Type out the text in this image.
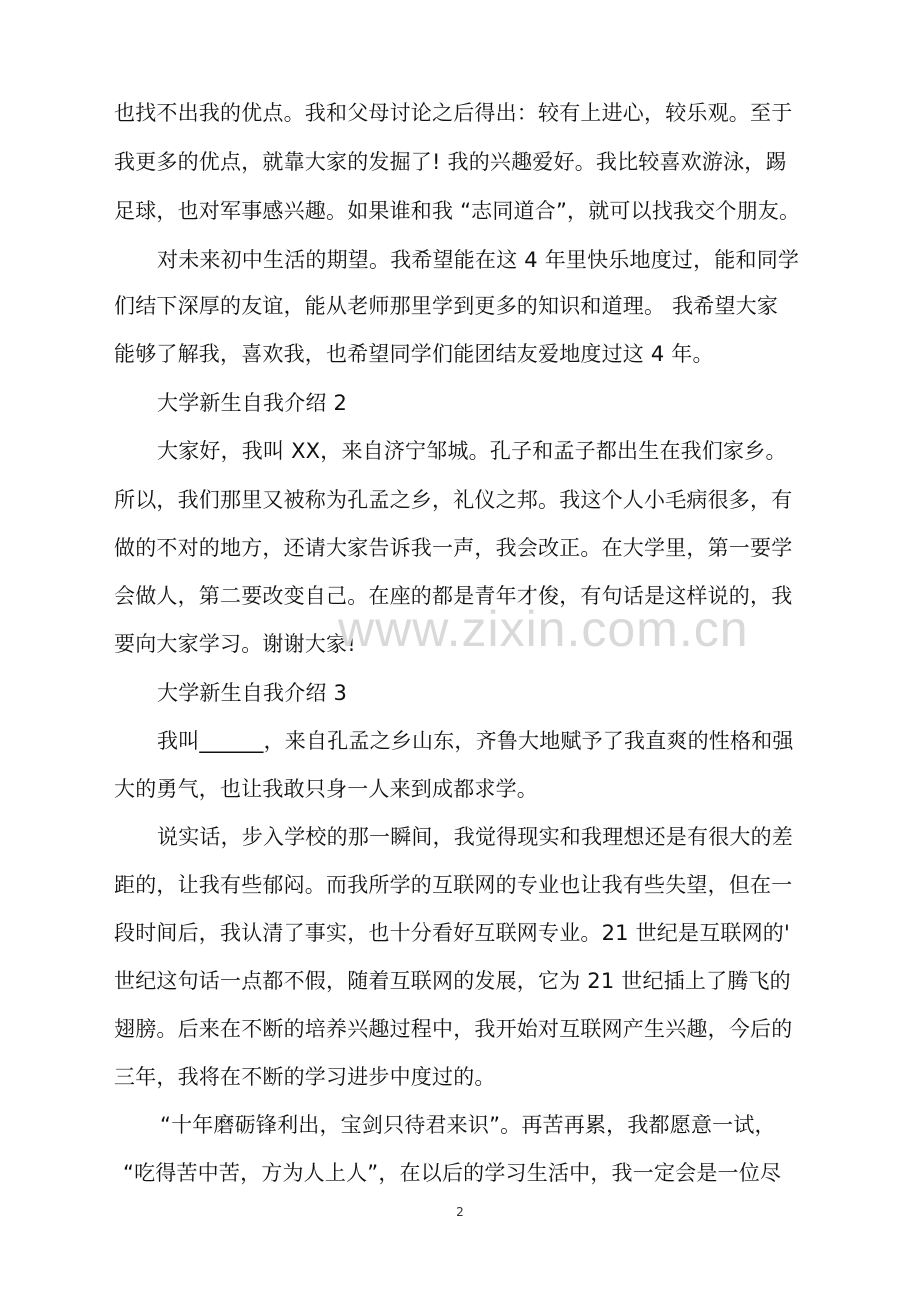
也找不出我的优点。我和父母讨论之后得出：较有上进心，较乐观。至于
我更多的优点，就靠大家的发掘了! 我的兴趣爱好。我比较喜欢游泳，踢
足球，也对军事感兴趣。如果谁和我 “志同道合”，就可以找我交个朋友。
对未来初中生活的期望。我希望能在这 4 年里快乐地度过，能和同学
们结下深厚的友谊，能从老师那里学到更多的知识和道理。 我希望大家
能够了解我，喜欢我，也希望同学们能团结友爱地度过这 4 年。
大学新生自我介绍 2
大家好，我叫 XX，来自济宁邹城。孔子和孟子都出生在我们家乡。
所以，我们那里又被称为孔孟之乡，礼仪之邦。我这个人小毛病很多，有
做的不对的地方，还请大家告诉我一声，我会改正。在大学里，第一要学
会做人，第二要改变自己。在座的都是青年才俊，有句话是这样说的，我
要向大家学习。谢谢大家!
大学新生自我介绍 3
我叫______，来自孔孟之乡山东，齐鲁大地赋予了我直爽的性格和强
大的勇气，也让我敢只身一人来到成都求学。
说实话，步入学校的那一瞬间，我觉得现实和我理想还是有很大的差
距的，让我有些郁闷。而我所学的互联网的专业也让我有些失望，但在一
段时间后，我认清了事实，也十分看好互联网专业。21 世纪是互联网的'
世纪这句话一点都不假，随着互联网的发展，它为 21 世纪插上了腾飞的
翅膀。后来在不断的培养兴趣过程中，我开始对互联网产生兴趣，今后的
三年，我将在不断的学习进步中度过的。
“十年磨砺锋利出，宝剑只待君来识”。再苦再累，我都愿意一试，
“吃得苦中苦，方为人上人”，在以后的学习生活中，我一定会是一位尽
www.zixin.com.cn
2
